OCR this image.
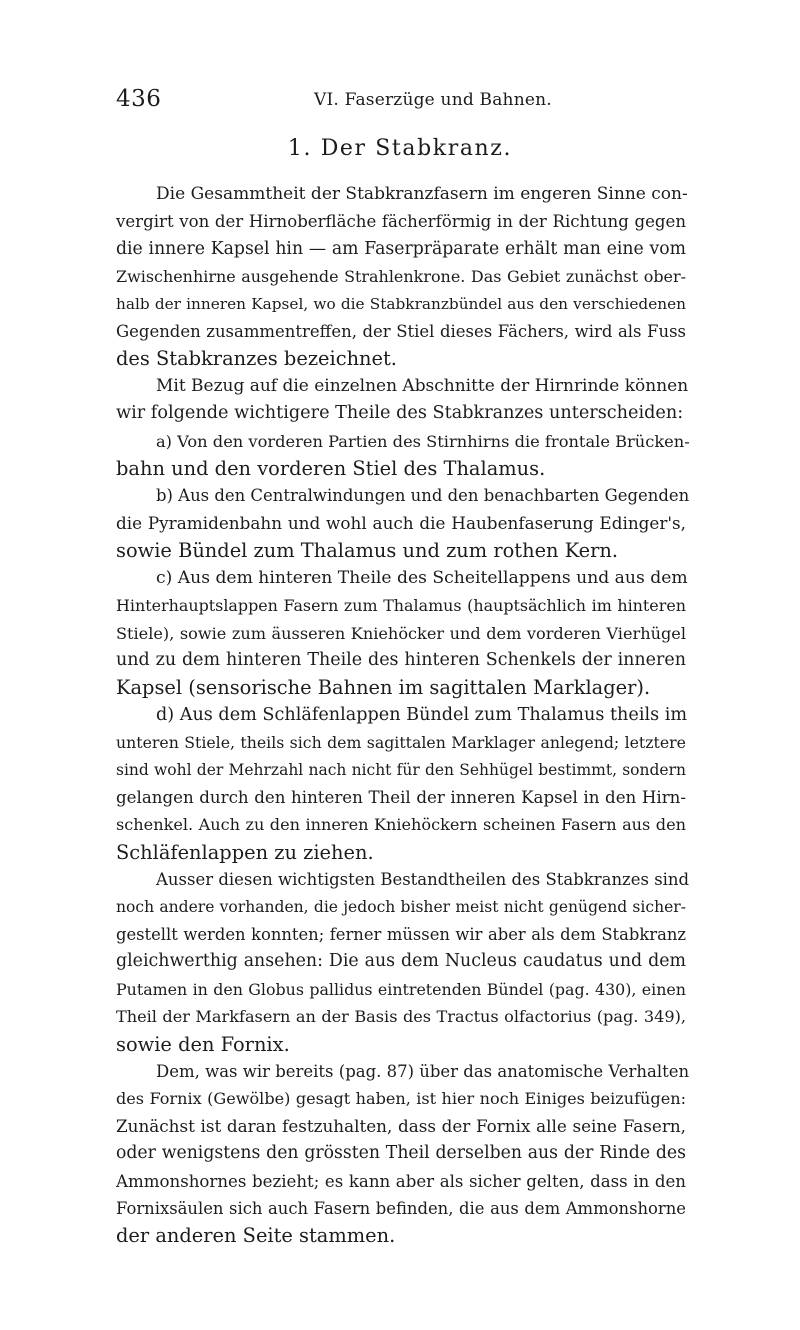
436	VI. Faserzüge und Bahnen.
1. Der Stabkranz.
Die Gesammtheit der Stabkranzfasern im engeren Sinne con-
vergirt von der Hirnoberfläche fächerförmig in der Richtung gegen
die innere Kapsel hin — am Faserpräparate erhält man eine vom
Zwischenhirne ausgehende Strahlenkrone. Das Gebiet zunächst ober-
halb der inneren Kapsel, wo die Stabkranzbündel aus den verschiedenen
Gegenden zusammentreffen, der Stiel dieses Fächers, wird als Fuss
des Stabkranzes bezeichnet.
Mit Bezug auf die einzelnen Abschnitte der Hirnrinde können
wir folgende wichtigere Theile des Stabkranzes unterscheiden:
a) Von den vorderen Partien des Stirnhirns die frontale Brücken-
bahn und den vorderen Stiel des Thalamus.
b) Aus den Centralwindungen und den benachbarten Gegenden
die Pyramidenbahn und wohl auch die Haubenfaserung Edinger's,
sowie Bündel zum Thalamus und zum rothen Kern.
c) Aus dem hinteren Theile des Scheitellappens und aus dem
Hinterhauptslappen Fasern zum Thalamus (hauptsächlich im hinteren
Stiele), sowie zum äusseren Kniehöcker und dem vorderen Vierhügel
und zu dem hinteren Theile des hinteren Schenkels der inneren
Kapsel (sensorische Bahnen im sagittalen Marklager).
d) Aus dem Schläfenlappen Bündel zum Thalamus theils im
unteren Stiele, theils sich dem sagittalen Marklager anlegend; letztere
sind wohl der Mehrzahl nach nicht für den Sehhügel bestimmt, sondern
gelangen durch den hinteren Theil der inneren Kapsel in den Hirn-
schenkel. Auch zu den inneren Kniehöckern scheinen Fasern aus den
Schläfenlappen zu ziehen.
Ausser diesen wichtigsten Bestandtheilen des Stabkranzes sind
noch andere vorhanden, die jedoch bisher meist nicht genügend sicher-
gestellt werden konnten; ferner müssen wir aber als dem Stabkranz
gleichwerthig ansehen: Die aus dem Nucleus caudatus und dem
Putamen in den Globus pallidus eintretenden Bündel (pag. 430), einen
Theil der Markfasern an der Basis des Tractus olfactorius (pag. 349),
sowie den Fornix.
Dem, was wir bereits (pag. 87) über das anatomische Verhalten
des Fornix (Gewölbe) gesagt haben, ist hier noch Einiges beizufügen:
Zunächst ist daran festzuhalten, dass der Fornix alle seine Fasern,
oder wenigstens den grössten Theil derselben aus der Rinde des
Ammonshornes bezieht; es kann aber als sicher gelten, dass in den
Fornixsäulen sich auch Fasern befinden, die aus dem Ammonshorne
der anderen Seite stammen.
